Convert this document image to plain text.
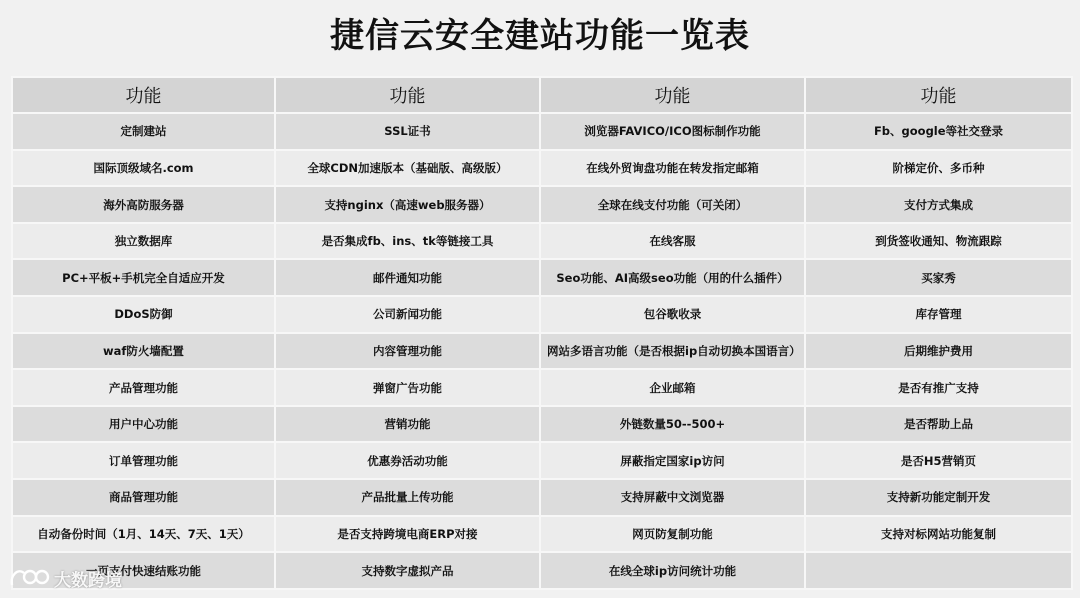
捷信云安全建站功能一览表
功能	功能	功能	功能
定制建站	SSL证书	浏览器FAVICO/ICO图标制作功能	Fb、google等社交登录
国际顶级域名.com	全球CDN加速版本（基础版、高级版）	在线外贸询盘功能在转发指定邮箱	阶梯定价、多币种
海外高防服务器	支持nginx（高速web服务器）	全球在线支付功能（可关闭）	支付方式集成
独立数据库	是否集成fb、ins、tk等链接工具	在线客服	到货签收通知、物流跟踪
PC+平板+手机完全自适应开发	邮件通知功能	Seo功能、AI高级seo功能（用的什么插件）	买家秀
DDoS防御	公司新闻功能	包谷歌收录	库存管理
waf防火墙配置	内容管理功能	网站多语言功能（是否根据ip自动切换本国语言）	后期维护费用
产品管理功能	弹窗广告功能	企业邮箱	是否有推广支持
用户中心功能	营销功能	外链数量50--500+	是否帮助上品
订单管理功能	优惠券活动功能	屏蔽指定国家ip访问	是否H5营销页
商品管理功能	产品批量上传功能	支持屏蔽中文浏览器	支持新功能定制开发
自动备份时间（1月、14天、7天、1天）	是否支持跨境电商ERP对接	网页防复制功能	支持对标网站功能复制
一页支付快速结账功能	支持数字虚拟产品	在线全球ip访问统计功能	
大数跨境
